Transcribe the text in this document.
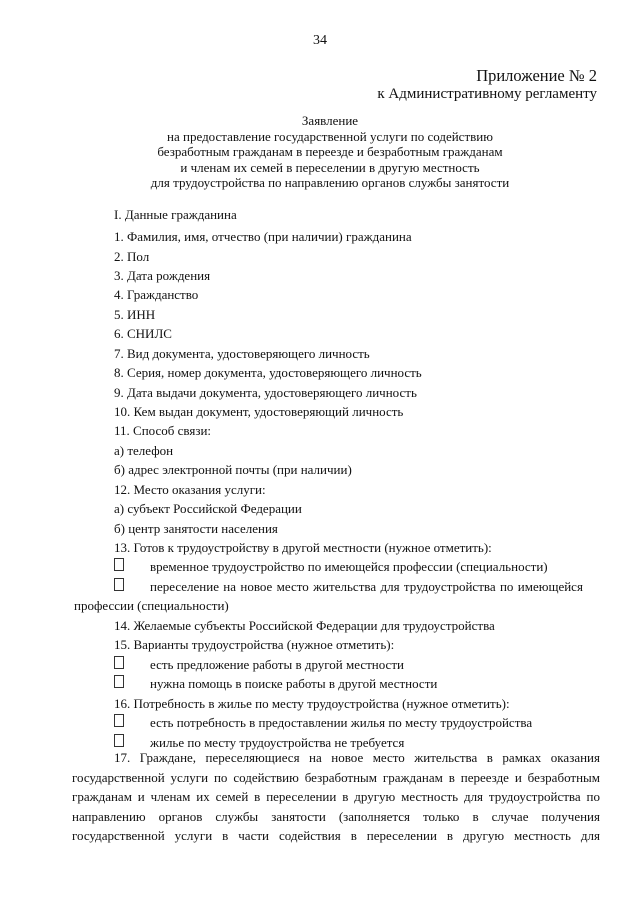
34
Приложение № 2
к Административному регламенту
Заявление
на предоставление государственной услуги по содействию
безработным гражданам в переезде и безработным гражданам
и членам их семей в переселении в другую местность
для трудоустройства по направлению органов службы занятости
I. Данные гражданина
1. Фамилия, имя, отчество (при наличии) гражданина
2. Пол
3. Дата рождения
4. Гражданство
5. ИНН
6. СНИЛС
7. Вид документа, удостоверяющего личность
8. Серия, номер документа, удостоверяющего личность
9. Дата выдачи документа, удостоверяющего личность
10. Кем выдан документ, удостоверяющий личность
11. Способ связи:
а) телефон
б) адрес электронной почты (при наличии)
12. Место оказания услуги:
а) субъект Российской Федерации
б) центр занятости населения
13. Готов к трудоустройству в другой местности (нужное отметить):
временное трудоустройство по имеющейся профессии (специальности)
переселение на новое место жительства для трудоустройства по имеющейся
профессии (специальности)
14. Желаемые субъекты Российской Федерации для трудоустройства
15. Варианты трудоустройства (нужное отметить):
есть предложение работы в другой местности
нужна помощь в поиске работы в другой местности
16. Потребность в жилье по месту трудоустройства (нужное отметить):
есть потребность в предоставлении жилья по месту трудоустройства
жилье по месту трудоустройства не требуется
17. Граждане, переселяющиеся на новое место жительства в рамках оказания
государственной услуги по содействию безработным гражданам в переезде и безработным
гражданам и членам их семей в переселении в другую местность для трудоустройства по
направлению органов службы занятости (заполняется только в случае получения
государственной услуги в части содействия в переселении в другую местность для
